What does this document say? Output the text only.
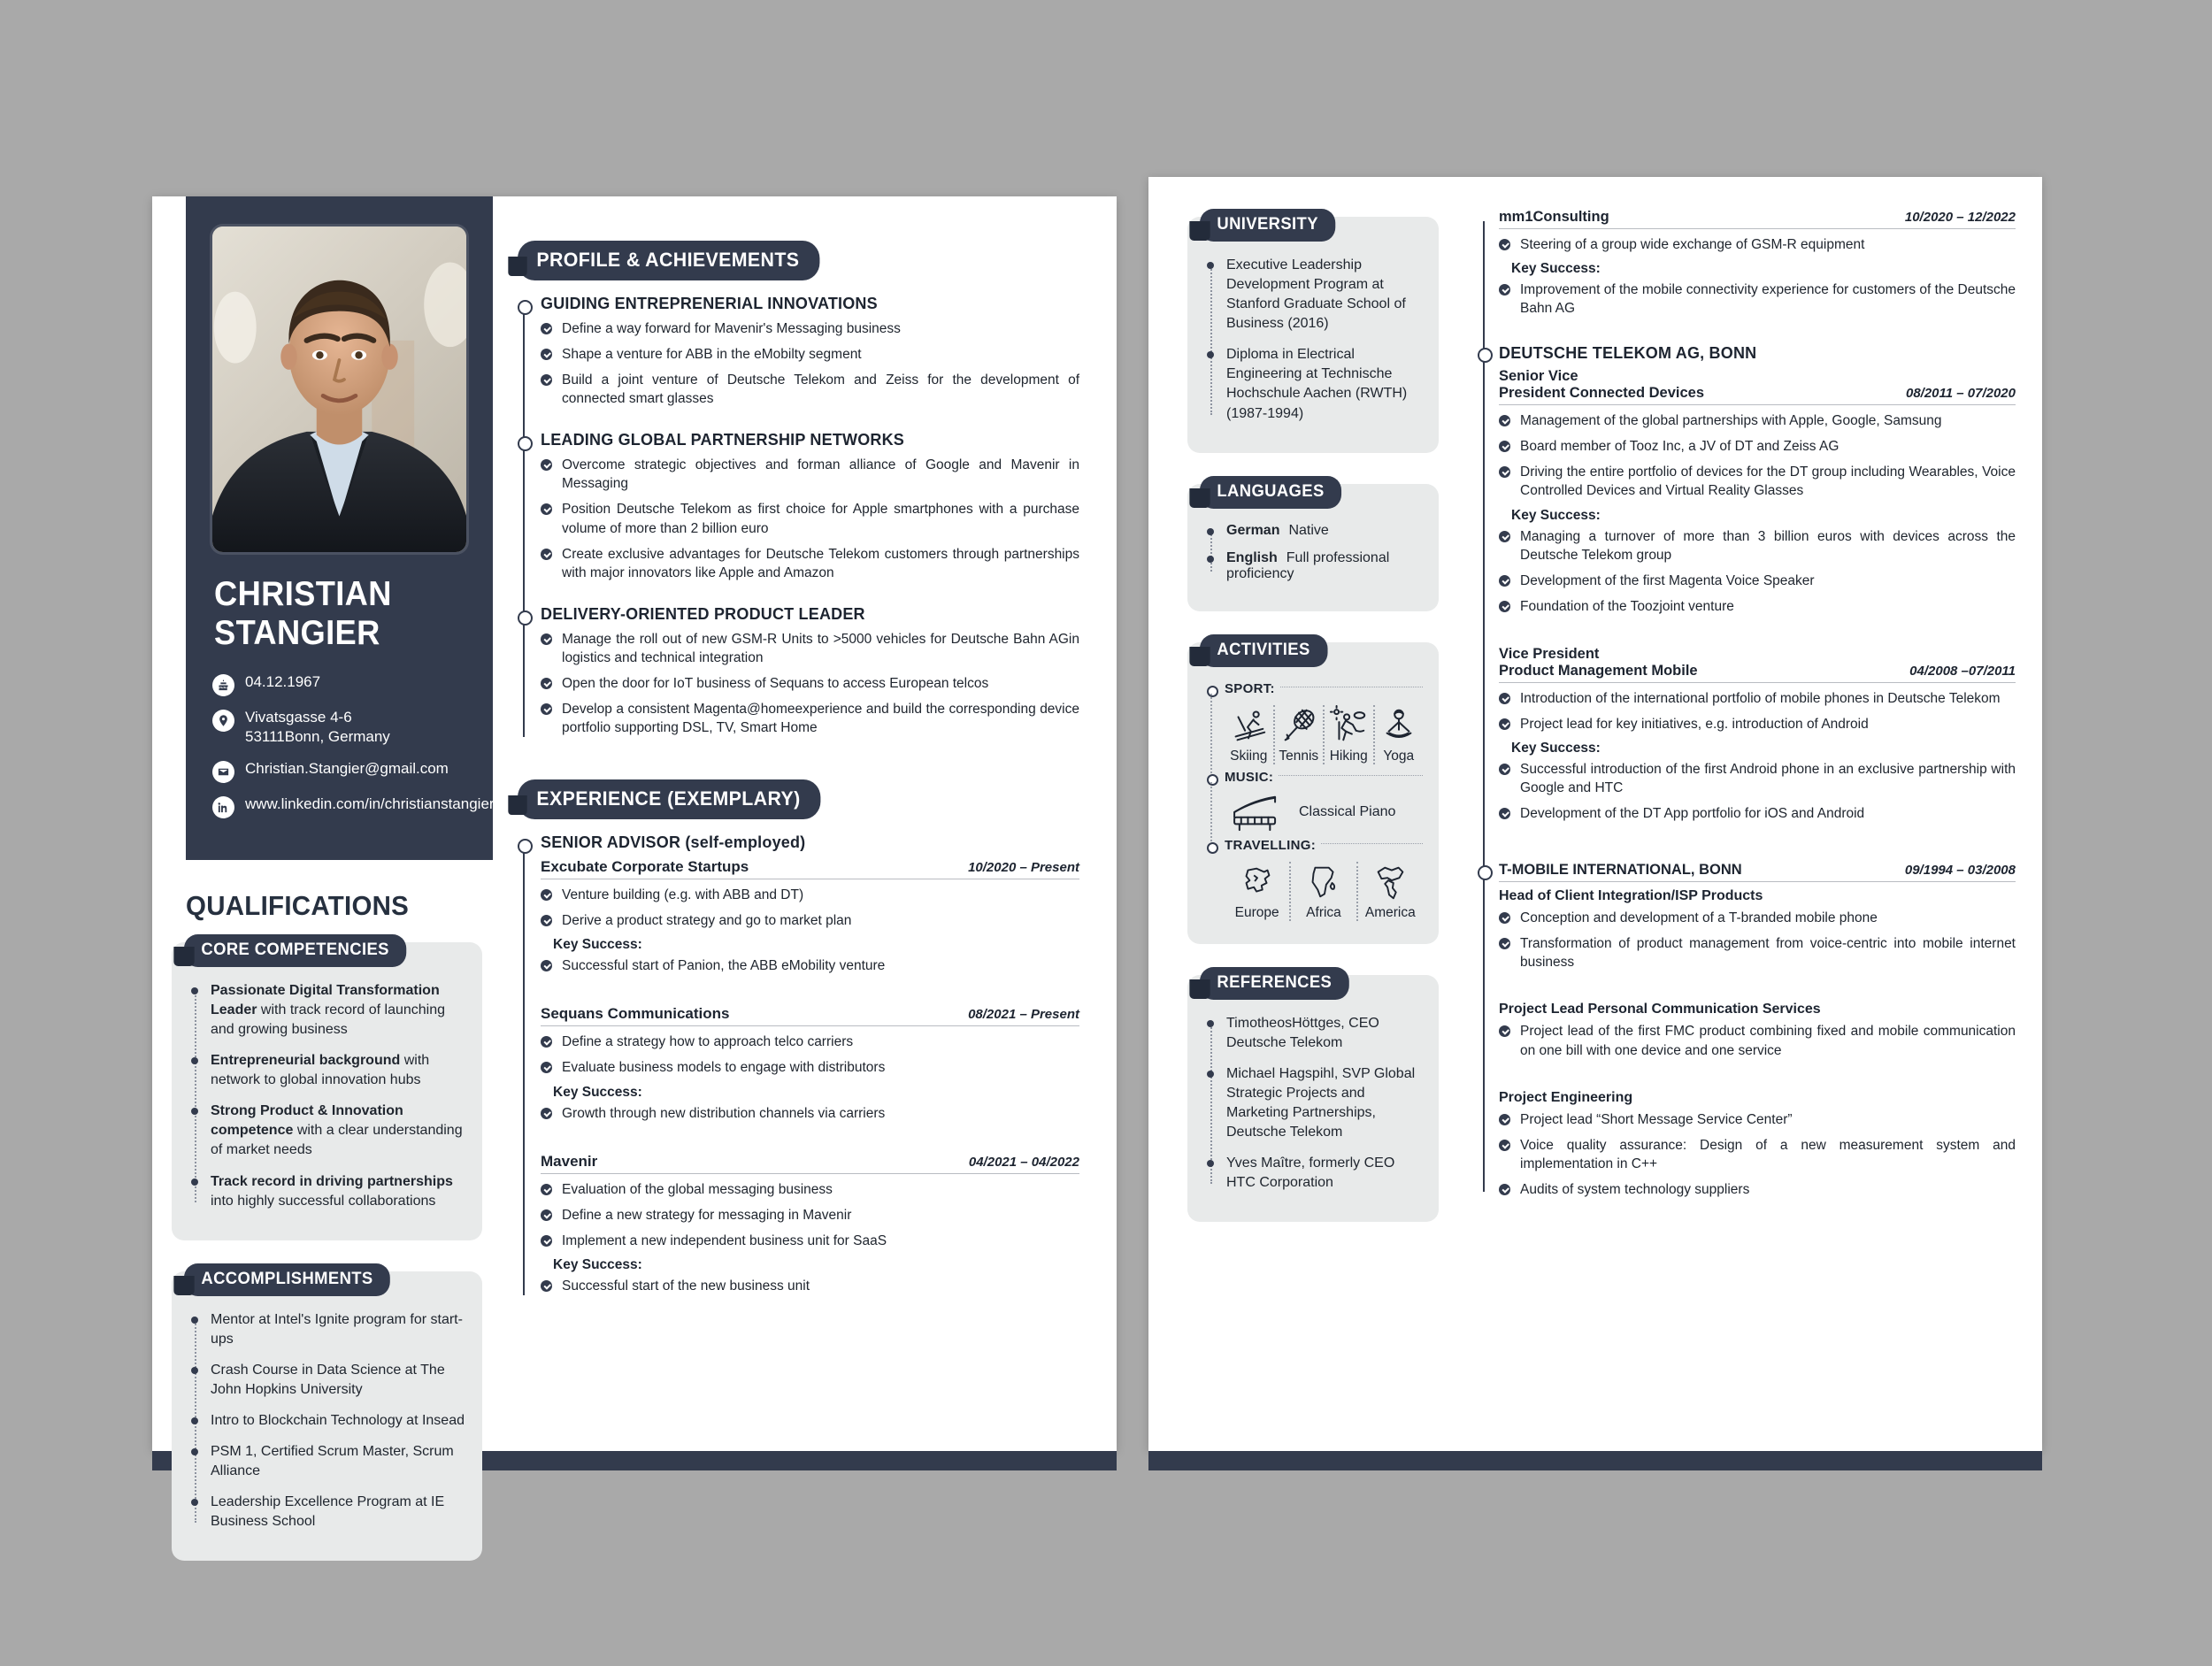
CHRISTIAN STANGIER
04.12.1967
Vivatsgasse 4-6
53111Bonn, Germany
Christian.Stangier@gmail.com
www.linkedin.com/in/christianstangier
QUALIFICATIONS
CORE COMPETENCIES
Passionate Digital Transformation Leader with track record of launching and growing business
Entrepreneurial background with network to global innovation hubs
Strong Product & Innovation competence with a clear understanding of market needs
Track record in driving partnerships into highly successful collaborations
ACCOMPLISHMENTS
Mentor at Intel's Ignite program for start-ups
Crash Course in Data Science at The John Hopkins University
Intro to Blockchain Technology at Insead
PSM 1, Certified Scrum Master, Scrum Alliance
Leadership Excellence Program at IE Business School
PROFILE & ACHIEVEMENTS
GUIDING ENTREPRENERIAL INNOVATIONS
Define a way forward for Mavenir's Messaging business
Shape a venture for ABB in the eMobilty segment
Build a joint venture of Deutsche Telekom and Zeiss for the development of connected smart glasses
LEADING GLOBAL PARTNERSHIP NETWORKS
Overcome strategic objectives and forman alliance of Google and Mavenir in Messaging
Position Deutsche Telekom as first choice for Apple smartphones with a purchase volume of more than 2 billion euro
Create exclusive advantages for Deutsche Telekom customers through partnerships with major innovators like Apple and Amazon
DELIVERY-ORIENTED PRODUCT LEADER
Manage the roll out of new GSM-R Units to >5000 vehicles for Deutsche Bahn AGin logistics and technical integration
Open the door for IoT business of Sequans to access European telcos
Develop a consistent Magenta@homeexperience and build the corresponding device portfolio supporting DSL, TV, Smart Home
EXPERIENCE (EXEMPLARY)
SENIOR ADVISOR (self-employed)
Excubate Corporate Startups	10/2020 – Present
Venture building (e.g. with ABB and DT)
Derive a product strategy and go to market plan
Key Success:
Successful start of Panion, the ABB eMobility venture
Sequans Communications	08/2021 – Present
Define a strategy how to approach telco carriers
Evaluate business models to engage with distributors
Key Success:
Growth through new distribution channels via carriers
Mavenir	04/2021 – 04/2022
Evaluation of the global messaging business
Define a new strategy for messaging in Mavenir
Implement a new independent business unit for SaaS
Key Success:
Successful start of the new business unit
UNIVERSITY
Executive Leadership Development Program at Stanford Graduate School of Business (2016)
Diploma in Electrical Engineering at Technische Hochschule Aachen (RWTH) (1987-1994)
LANGUAGES
German Native
English Full professional proficiency
ACTIVITIES
SPORT:
Skiing Tennis Hiking	Yoga
MUSIC:
Classical Piano
TRAVELLING:
Europe	Africa	America
REFERENCES
TimotheosHöttges, CEO Deutsche Telekom
Michael Hagspihl, SVP Global Strategic Projects and Marketing Partnerships, Deutsche Telekom
Yves Maître, formerly CEO HTC Corporation
mm1Consulting	10/2020 – 12/2022
Steering of a group wide exchange of GSM-R equipment
Key Success:
Improvement of the mobile connectivity experience for customers of the Deutsche Bahn AG
DEUTSCHE TELEKOM AG, BONN
Senior Vice
President Connected Devices	08/2011 – 07/2020
Management of the global partnerships with Apple, Google, Samsung
Board member of Tooz Inc, a JV of DT and Zeiss AG
Driving the entire portfolio of devices for the DT group including Wearables, Voice Controlled Devices and Virtual Reality Glasses
Key Success:
Managing a turnover of more than 3 billion euros with devices across the Deutsche Telekom group
Development of the first Magenta Voice Speaker
Foundation of the Toozjoint venture
Vice President
Product Management Mobile	04/2008 –07/2011
Introduction of the international portfolio of mobile phones in Deutsche Telekom
Project lead for key initiatives, e.g. introduction of Android
Key Success:
Successful introduction of the first Android phone in an exclusive partnership with Google and HTC
Development of the DT App portfolio for iOS and Android
T-MOBILE INTERNATIONAL, BONN	09/1994 – 03/2008
Head of Client Integration/ISP Products
Conception and development of a T-branded mobile phone
Transformation of product management from voice-centric into mobile internet business
Project Lead Personal Communication Services
Project lead of the first FMC product combining fixed and mobile communication on one bill with one device and one service
Project Engineering
Project lead “Short Message Service Center”
Voice quality assurance: Design of a new measurement system and implementation in C++
Audits of system technology suppliers
